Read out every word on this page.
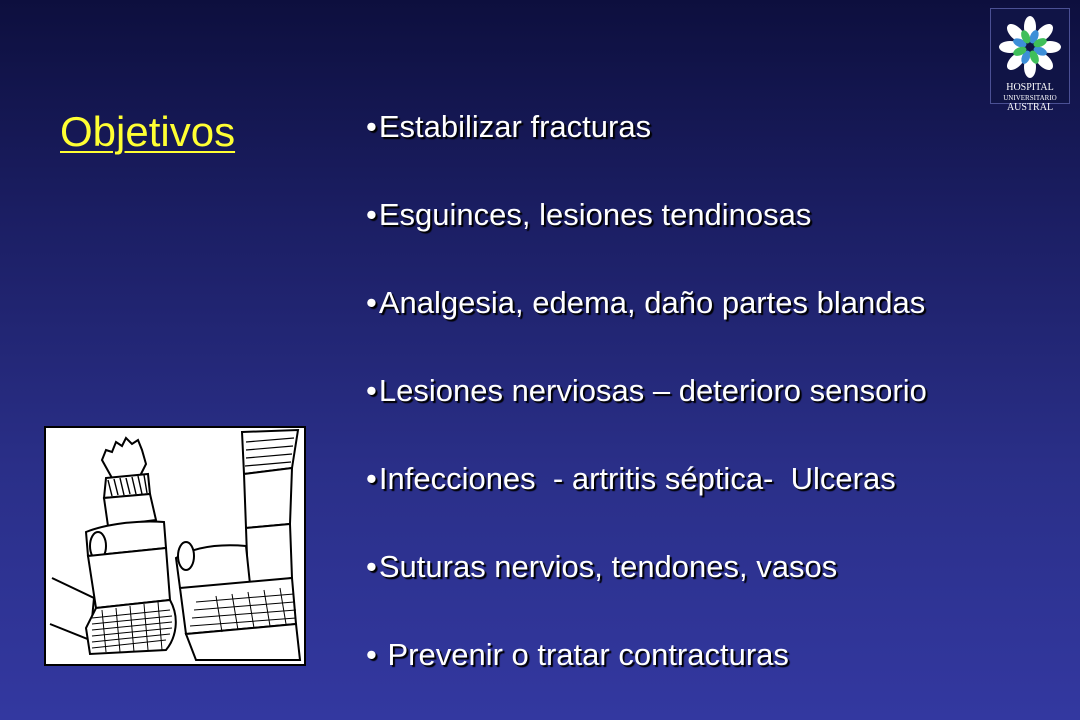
Objetivos	•Estabilizar fracturas
•Esguinces, lesiones tendinosas
•Analgesia, edema, daño partes blandas
•Lesiones nerviosas – deterioro sensorio
•Infecciones  - artritis séptica-  Ulceras
•Suturas nervios, tendones, vasos
• Prevenir o tratar contracturas
HOSPITAL
UNIVERSITARIO AUSTRAL
